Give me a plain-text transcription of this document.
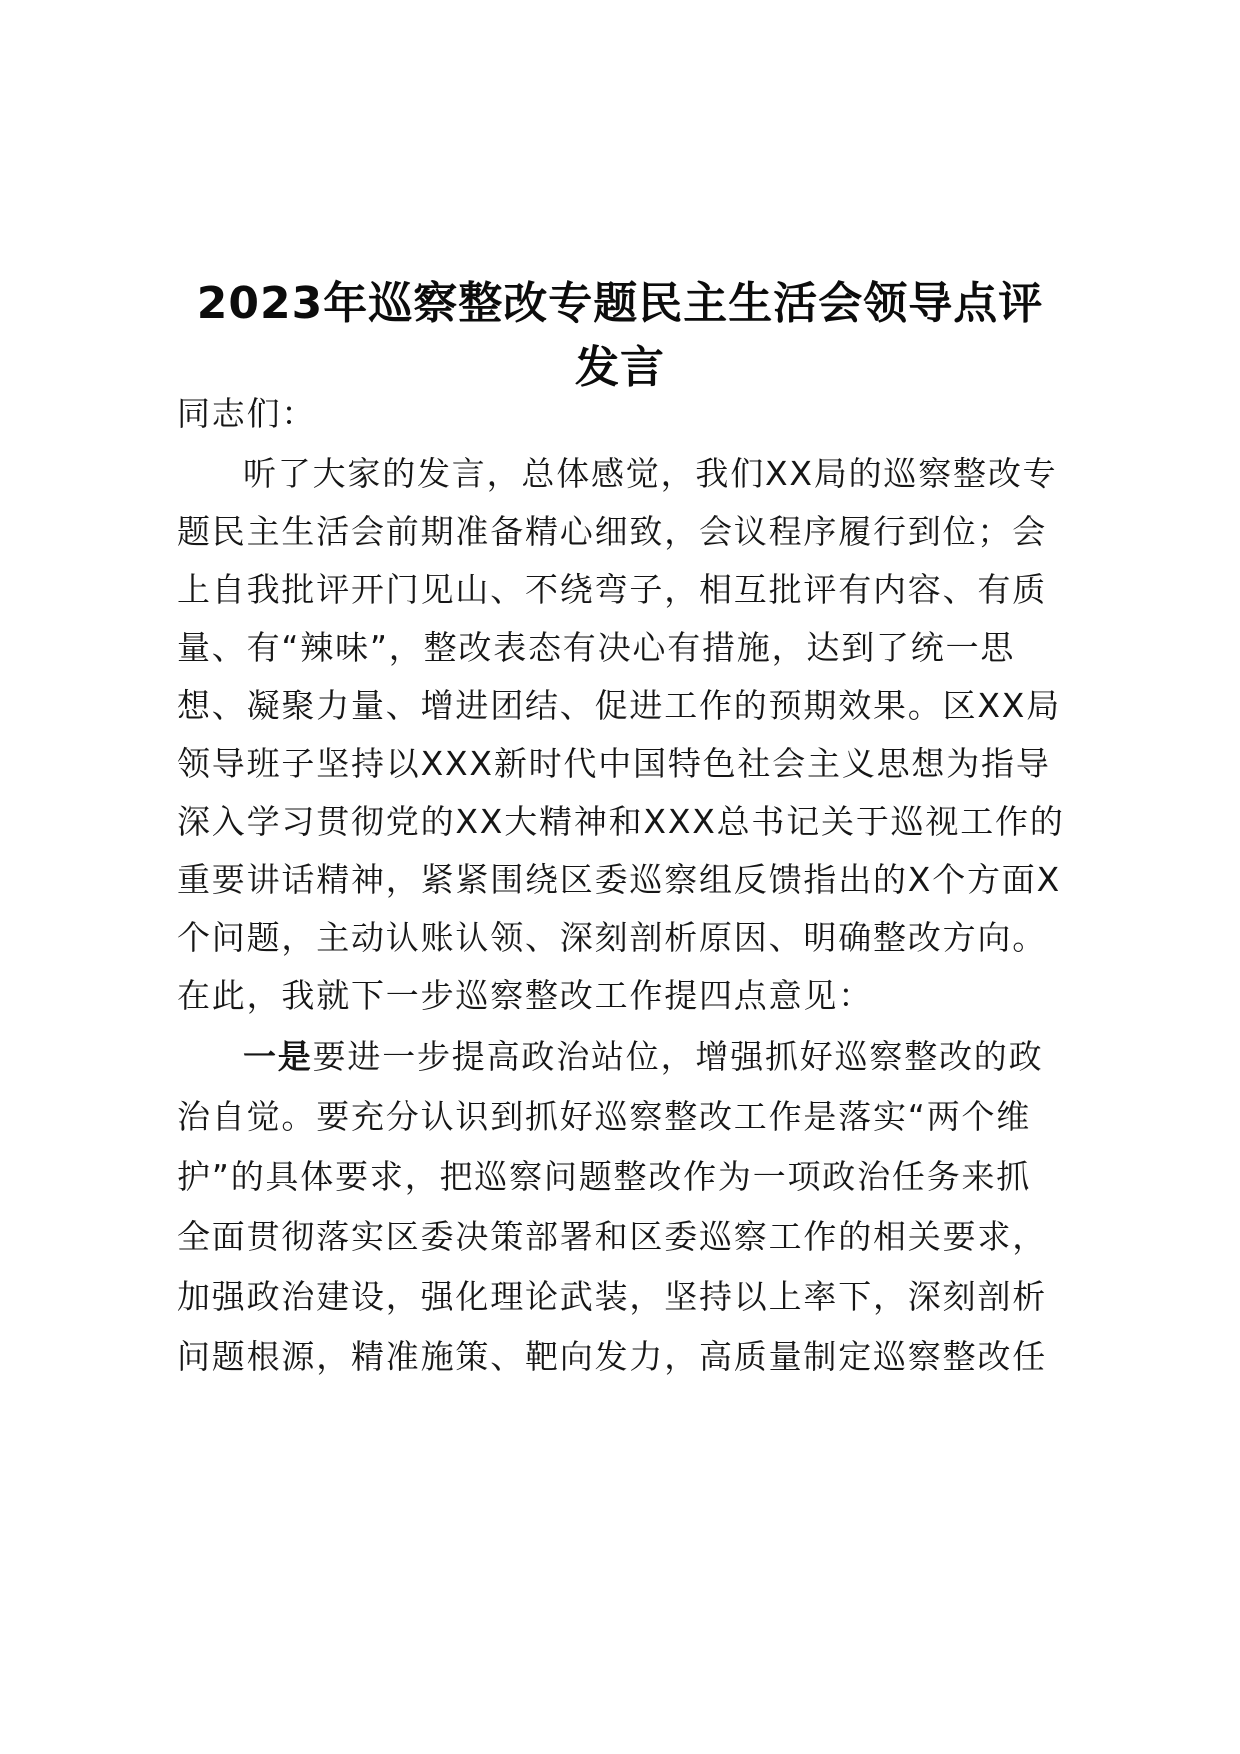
2023年巡察整改专题民主生活会领导点评
发言
同志们：
听了大家的发言，总体感觉，我们XX局的巡察整改专
题民主生活会前期准备精心细致，会议程序履行到位；会
上自我批评开门见山、不绕弯子，相互批评有内容、有质
量、有“辣味”，整改表态有决心有措施，达到了统一思
想、凝聚力量、增进团结、促进工作的预期效果。区XX局
领导班子坚持以XXX新时代中国特色社会主义思想为指导
深入学习贯彻党的XX大精神和XXX总书记关于巡视工作的
重要讲话精神，紧紧围绕区委巡察组反馈指出的X个方面X
个问题，主动认账认领、深刻剖析原因、明确整改方向。
在此，我就下一步巡察整改工作提四点意见：
一是要进一步提高政治站位，增强抓好巡察整改的政
治自觉。要充分认识到抓好巡察整改工作是落实“两个维
护”的具体要求，把巡察问题整改作为一项政治任务来抓
全面贯彻落实区委决策部署和区委巡察工作的相关要求，
加强政治建设，强化理论武装，坚持以上率下，深刻剖析
问题根源，精准施策、靶向发力，高质量制定巡察整改任
